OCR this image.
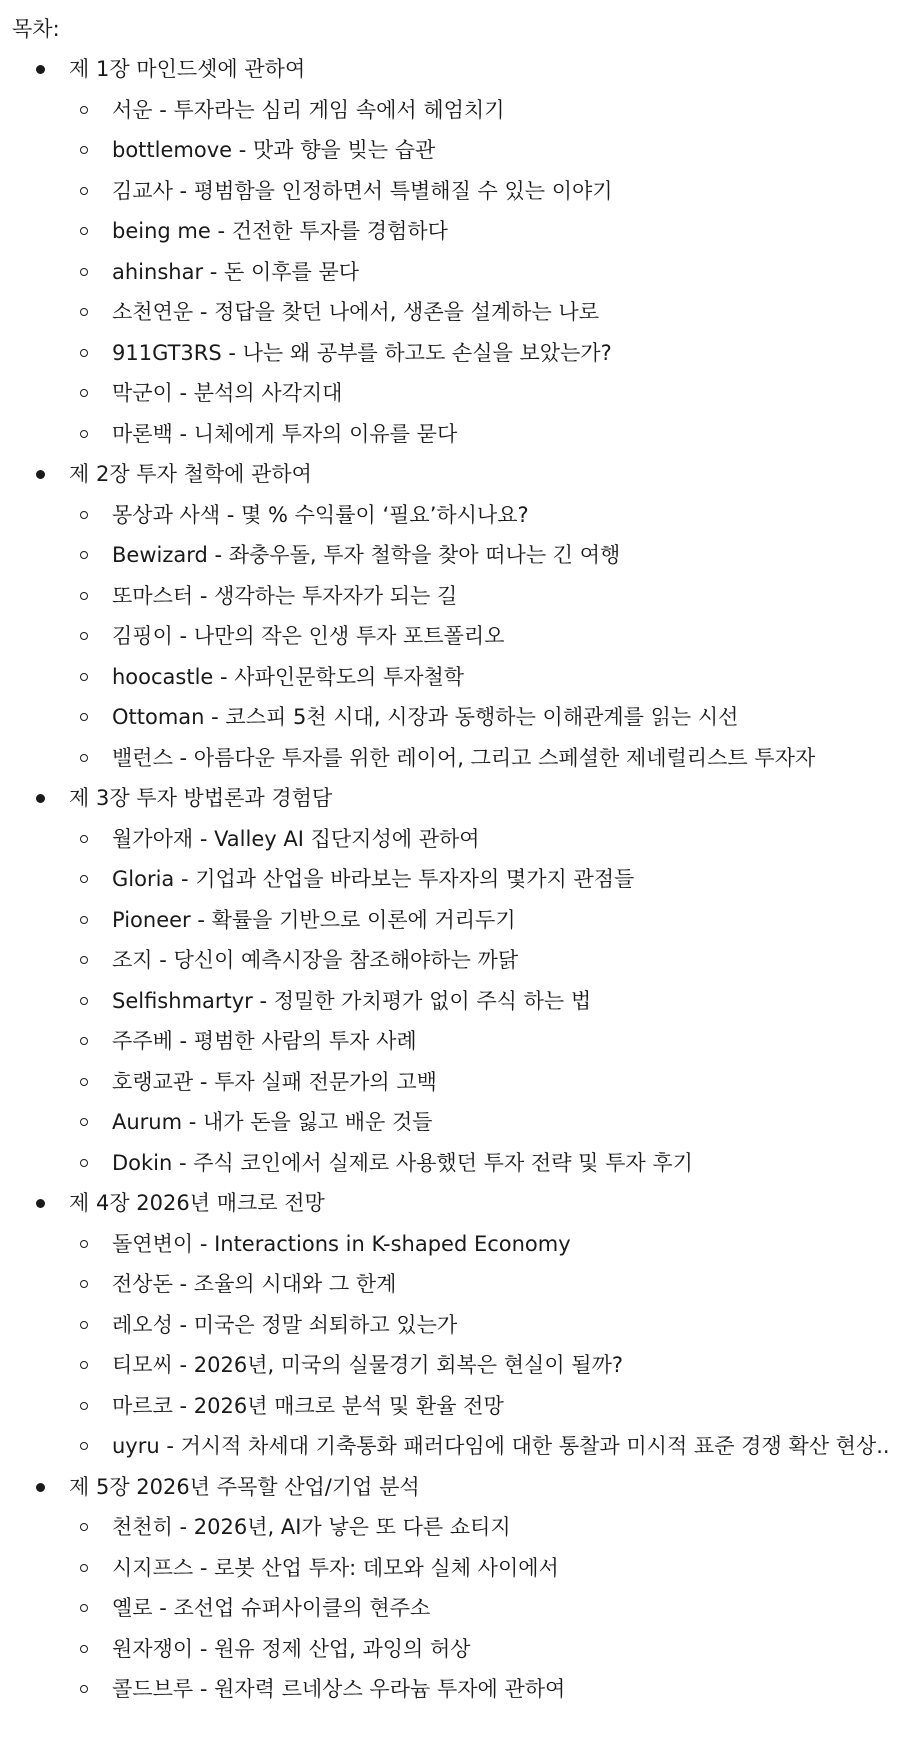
목차:
제 1장 마인드셋에 관하여
서운 - 투자라는 심리 게임 속에서 헤엄치기
bottlemove - 맛과 향을 빚는 습관
김교사 - 평범함을 인정하면서 특별해질 수 있는 이야기
being me - 건전한 투자를 경험하다
ahinshar - 돈 이후를 묻다
소천연운 - 정답을 찾던 나에서, 생존을 설계하는 나로
911GT3RS - 나는 왜 공부를 하고도 손실을 보았는가?
막군이 - 분석의 사각지대
마론백 - 니체에게 투자의 이유를 묻다
제 2장 투자 철학에 관하여
몽상과 사색 - 몇 % 수익률이 ‘필요’하시나요?
Bewizard - 좌충우돌, 투자 철학을 찾아 떠나는 긴 여행
또마스터 - 생각하는 투자자가 되는 길
김핑이 - 나만의 작은 인생 투자 포트폴리오
hoocastle - 사파인문학도의 투자철학
Ottoman - 코스피 5천 시대, 시장과 동행하는 이해관계를 읽는 시선
밸런스 - 아름다운 투자를 위한 레이어, 그리고 스페셜한 제네럴리스트 투자자
제 3장 투자 방법론과 경험담
월가아재 - Valley AI 집단지성에 관하여
Gloria - 기업과 산업을 바라보는 투자자의 몇가지 관점들
Pioneer - 확률을 기반으로 이론에 거리두기
조지 - 당신이 예측시장을 참조해야하는 까닭
Selfishmartyr - 정밀한 가치평가 없이 주식 하는 법
주주베 - 평범한 사람의 투자 사례
호랭교관 - 투자 실패 전문가의 고백
Aurum - 내가 돈을 잃고 배운 것들
Dokin - 주식 코인에서 실제로 사용했던 투자 전략 및 투자 후기
제 4장 2026년 매크로 전망
돌연변이 - Interactions in K-shaped Economy
전상돈 - 조율의 시대와 그 한계
레오성 - 미국은 정말 쇠퇴하고 있는가
티모씨 - 2026년, 미국의 실물경기 회복은 현실이 될까?
마르코 - 2026년 매크로 분석 및 환율 전망
uyru - 거시적 차세대 기축통화 패러다임에 대한 통찰과 미시적 표준 경쟁 확산 현상..
제 5장 2026년 주목할 산업/기업 분석
천천히 - 2026년, AI가 낳은 또 다른 쇼티지
시지프스 - 로봇 산업 투자: 데모와 실체 사이에서
옐로 - 조선업 슈퍼사이클의 현주소
원자쟁이 - 원유 정제 산업, 과잉의 허상
콜드브루 - 원자력 르네상스 우라늄 투자에 관하여
